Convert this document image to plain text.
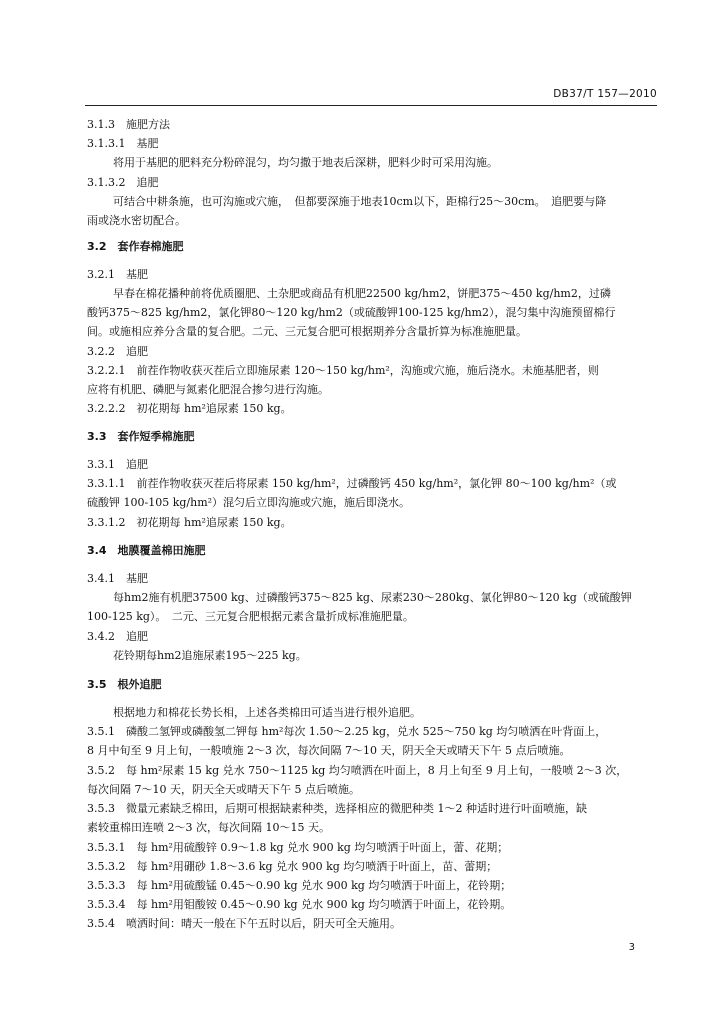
DB37/T 157—2010
3.1.3　施肥方法
3.1.3.1　基肥
将用于基肥的肥料充分粉碎混匀，均匀撒于地表后深耕，肥料少时可采用沟施。
3.1.3.2　追肥
可结合中耕条施，也可沟施或穴施，　但都要深施于地表10cm以下，距棉行25～30cm。　追肥要与降
雨或浇水密切配合。
3.2　套作春棉施肥
3.2.1　基肥
早春在棉花播种前将优质圈肥、土杂肥或商品有机肥22500 kg/hm2，饼肥375～450 kg/hm2，过磷
酸钙375～825 kg/hm2，氯化钾80～120 kg/hm2（或硫酸钾100-125 kg/hm2），混匀集中沟施预留棉行
间。或施相应养分含量的复合肥。二元、三元复合肥可根据期养分含量折算为标准施肥量。
3.2.2　追肥
3.2.2.1　前茬作物收获灭茬后立即施尿素 120～150 kg/hm²，沟施或穴施，施后浇水。未施基肥者，则
应将有机肥、磷肥与氮素化肥混合掺匀进行沟施。
3.2.2.2　初花期每 hm²追尿素 150 kg。
3.3　套作短季棉施肥
3.3.1　追肥
3.3.1.1　前茬作物收获灭茬后将尿素 150 kg/hm²，过磷酸钙 450 kg/hm²，氯化钾 80～100 kg/hm²（或
硫酸钾 100-105 kg/hm²）混匀后立即沟施或穴施，施后即浇水。
3.3.1.2　初花期每 hm²追尿素 150 kg。
3.4　地膜覆盖棉田施肥
3.4.1　基肥
每hm2施有机肥37500 kg、过磷酸钙375～825 kg、尿素230～280kg、氯化钾80～120 kg（或硫酸钾
100-125 kg）。　二元、三元复合肥根据元素含量折成标准施肥量。
3.4.2　追肥
花铃期每hm2追施尿素195～225 kg。
3.5　根外追肥
根据地力和棉花长势长相，上述各类棉田可适当进行根外追肥。
3.5.1　磷酸二氢钾或磷酸氢二钾每 hm²每次 1.50～2.25 kg，兑水 525～750 kg 均匀喷洒在叶背面上，
8 月中旬至 9 月上旬，一般喷施 2～3 次，每次间隔 7～10 天，阴天全天或晴天下午 5 点后喷施。
3.5.2　每 hm²尿素 15 kg 兑水 750～1125 kg 均匀喷洒在叶面上，8 月上旬至 9 月上旬，一般喷 2～3 次，
每次间隔 7～10 天，阴天全天或晴天下午 5 点后喷施。
3.5.3　微量元素缺乏棉田，后期可根据缺素种类，选择相应的微肥种类 1～2 种适时进行叶面喷施，缺
素较重棉田连喷 2～3 次，每次间隔 10～15 天。
3.5.3.1　每 hm²用硫酸锌 0.9～1.8 kg 兑水 900 kg 均匀喷洒于叶面上，蕾、花期；
3.5.3.2　每 hm²用硼砂 1.8～3.6 kg 兑水 900 kg 均匀喷洒于叶面上，苗、蕾期；
3.5.3.3　每 hm²用硫酸锰 0.45～0.90 kg 兑水 900 kg 均匀喷洒于叶面上，花铃期；
3.5.3.4　每 hm²用钼酸铵 0.45～0.90 kg 兑水 900 kg 均匀喷洒于叶面上，花铃期。
3.5.4　喷洒时间：晴天一般在下午五时以后，阴天可全天施用。
3
